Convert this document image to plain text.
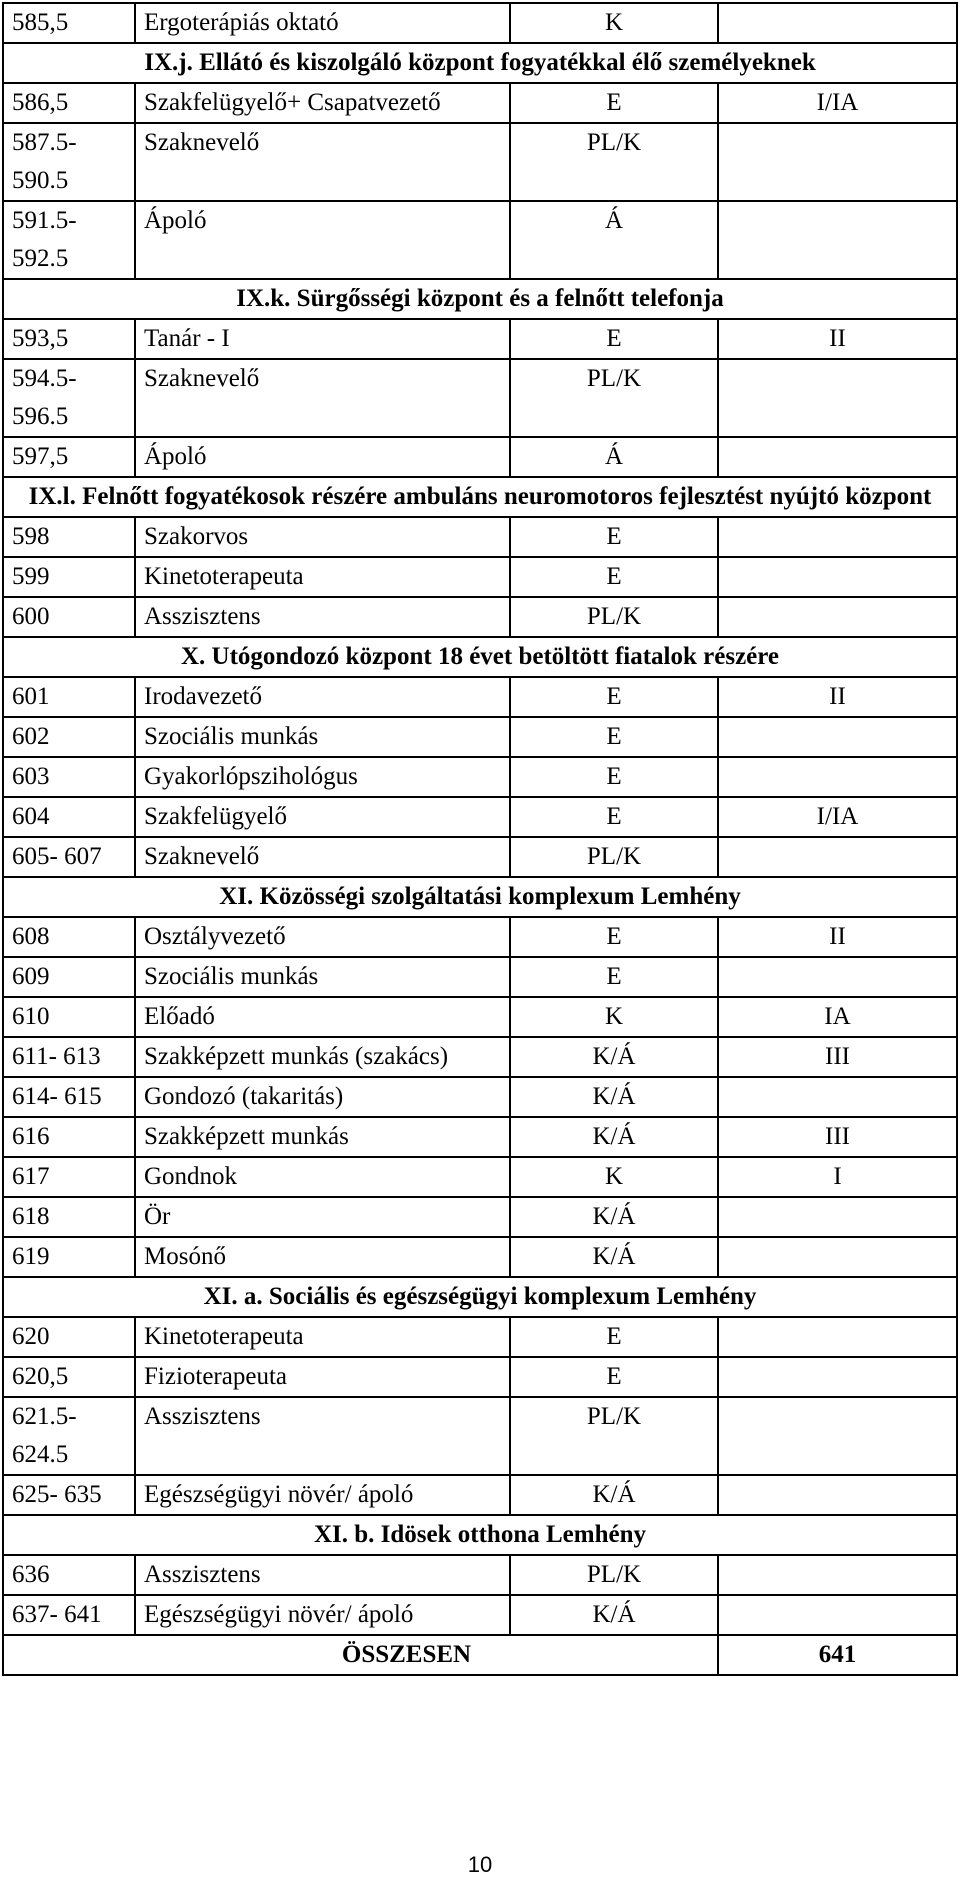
585,5	Ergoterápiás oktató	K	
IX.j. Ellátó és kiszolgáló központ fogyatékkal élő személyeknek			
586,5	Szakfelügyelő+ Csapatvezető	E	I/IA
587.5- 590.5	Szaknevelő	PL/K	
591.5- 592.5	Ápoló	Á	
IX.k. Sürgősségi központ és a felnőtt telefonja			
593,5	Tanár - I	E	II
594.5- 596.5	Szaknevelő	PL/K	
597,5	Ápoló	Á	
IX.l. Felnőtt fogyatékosok részére ambuláns neuromotoros fejlesztést nyújtó központ			
598	Szakorvos	E	
599	Kinetoterapeuta	E	
600	Asszisztens	PL/K	
X. Utógondozó központ 18 évet betöltött fiatalok részére			
601	Irodavezető	E	II
602	Szociális munkás	E	
603	Gyakorlópszihológus	E	
604	Szakfelügyelő	E	I/IA
605- 607	Szaknevelő	PL/K	
XI. Közösségi szolgáltatási komplexum Lemhény			
608	Osztályvezető	E	II
609	Szociális munkás	E	
610	Előadó	K	IA
611- 613	Szakképzett munkás (szakács)	K/Á	III
614- 615	Gondozó (takaritás)	K/Á	
616	Szakképzett munkás	K/Á	III
617	Gondnok	K	I
618	Ör	K/Á	
619	Mosónő	K/Á	
XI. a. Sociális és egészségügyi komplexum Lemhény			
620	Kinetoterapeuta	E	
620,5	Fizioterapeuta	E	
621.5- 624.5	Asszisztens	PL/K	
625- 635	Egészségügyi növér/ ápoló	K/Á	
XI. b. Idösek otthona Lemhény			
636	Asszisztens	PL/K	
637- 641	Egészségügyi növér/ ápoló	K/Á	
ÖSSZESEN			641
10
